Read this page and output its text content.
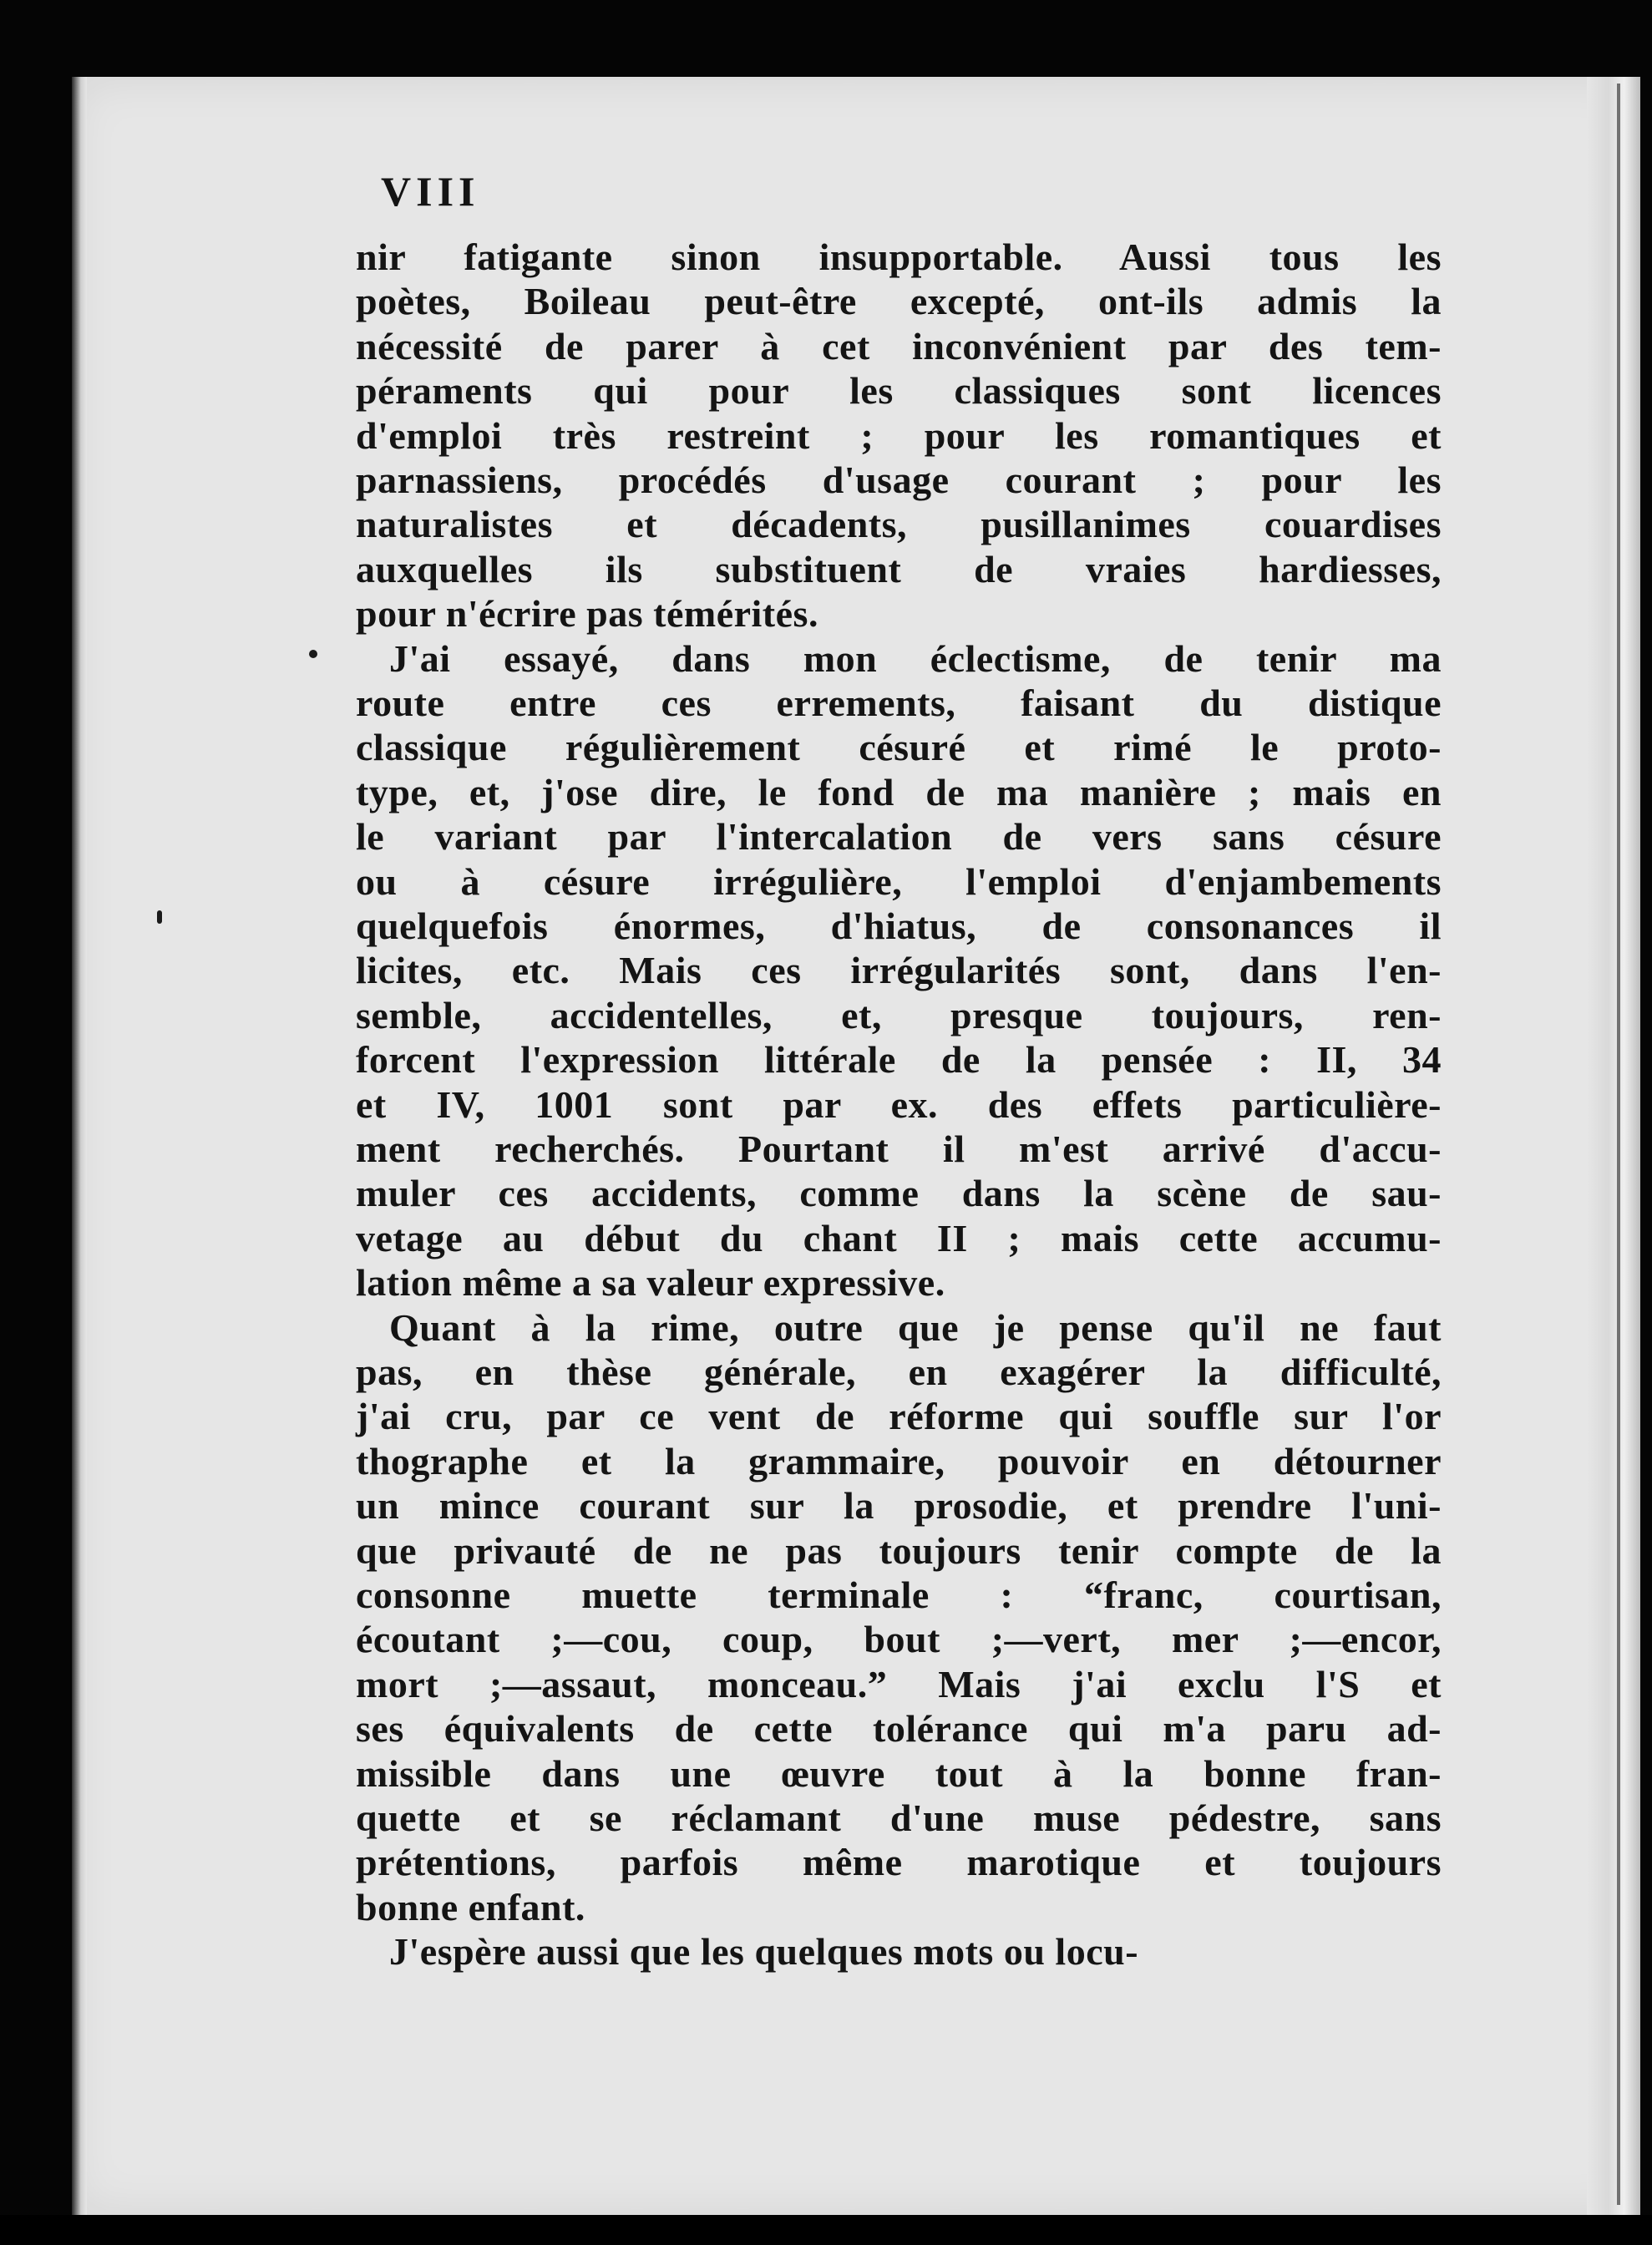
VIII
nir fatigante sinon insupportable. Aussi tous les
poètes, Boileau peut-être excepté, ont-ils admis la
nécessité de parer à cet inconvénient par des tem-
péraments qui pour les classiques sont licences
d'emploi très restreint ; pour les romantiques et
parnassiens, procédés d'usage courant ; pour les
naturalistes et décadents, pusillanimes couardises
auxquelles ils substituent de vraies hardiesses,
pour n'écrire pas témérités.
J'ai essayé, dans mon éclectisme, de tenir ma
route entre ces errements, faisant du distique
classique régulièrement césuré et rimé le proto-
type, et, j'ose dire, le fond de ma manière ; mais en
le variant par l'intercalation de vers sans césure
ou à césure irrégulière, l'emploi d'enjambements
quelquefois énormes, d'hiatus, de consonances il
licites, etc. Mais ces irrégularités sont, dans l'en-
semble, accidentelles, et, presque toujours, ren-
forcent l'expression littérale de la pensée : II, 34
et IV, 1001 sont par ex. des effets particulière-
ment recherchés. Pourtant il m'est arrivé d'accu-
muler ces accidents, comme dans la scène de sau-
vetage au début du chant II ; mais cette accumu-
lation même a sa valeur expressive.
Quant à la rime, outre que je pense qu'il ne faut
pas, en thèse générale, en exagérer la difficulté,
j'ai cru, par ce vent de réforme qui souffle sur l'or
thographe et la grammaire, pouvoir en détourner
un mince courant sur la prosodie, et prendre l'uni-
que privauté de ne pas toujours tenir compte de la
consonne muette terminale : “franc, courtisan,
écoutant ;—cou, coup, bout ;—vert, mer ;—encor,
mort ;—assaut, monceau.” Mais j'ai exclu l'S et
ses équivalents de cette tolérance qui m'a paru ad-
missible dans une œuvre tout à la bonne fran-
quette et se réclamant d'une muse pédestre, sans
prétentions, parfois même marotique et toujours
bonne enfant.
J'espère aussi que les quelques mots ou locu-
